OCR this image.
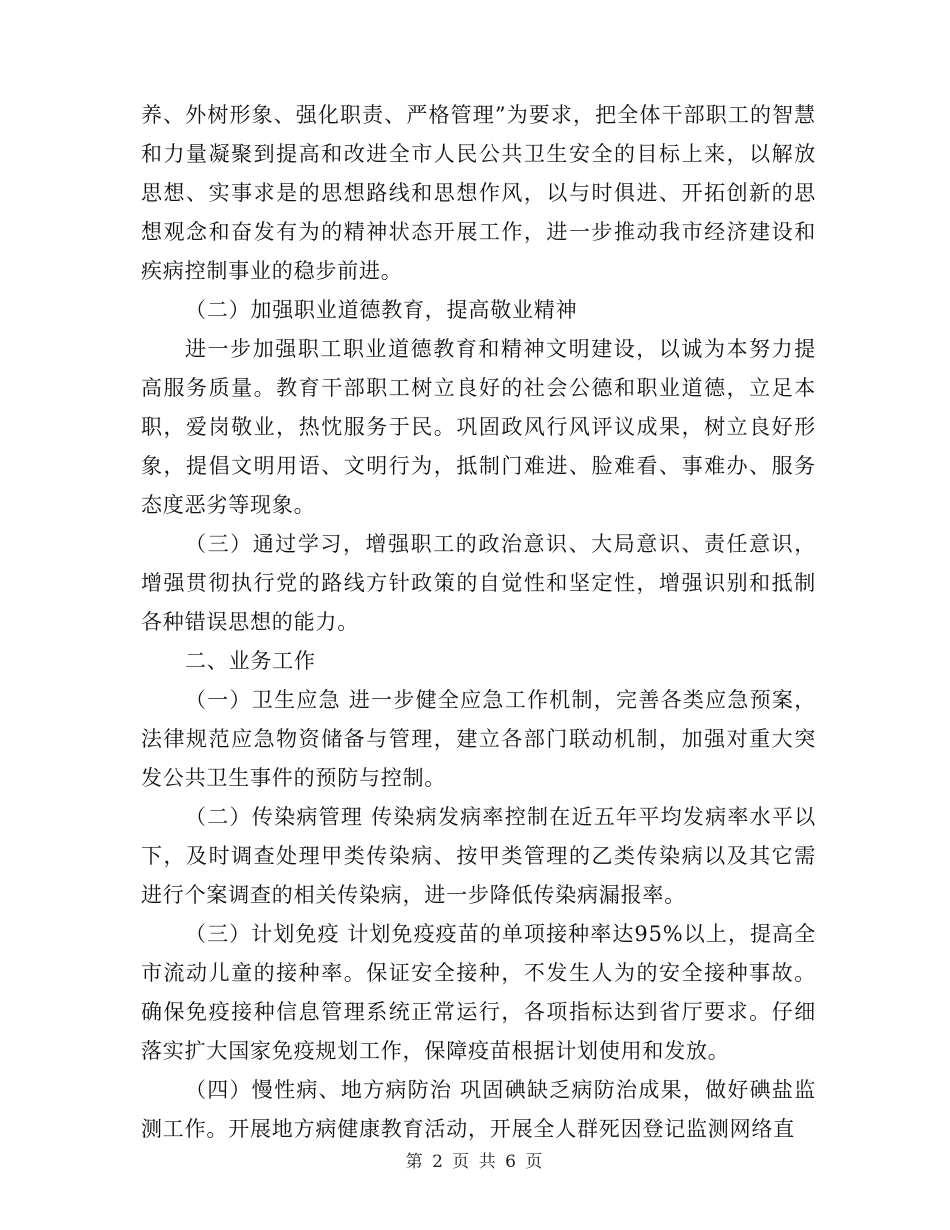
养、外树形象、强化职责、严格管理”为要求，把全体干部职工的智慧和力量凝聚到提高和改进全市人民公共卫生安全的目标上来，以解放思想、实事求是的思想路线和思想作风，以与时俱进、开拓创新的思想观念和奋发有为的精神状态开展工作，进一步推动我市经济建设和疾病控制事业的稳步前进。

（二）加强职业道德教育，提高敬业精神

进一步加强职工职业道德教育和精神文明建设，以诚为本努力提高服务质量。教育干部职工树立良好的社会公德和职业道德，立足本职，爱岗敬业，热忱服务于民。巩固政风行风评议成果，树立良好形象，提倡文明用语、文明行为，抵制门难进、脸难看、事难办、服务态度恶劣等现象。

（三）通过学习，增强职工的政治意识、大局意识、责任意识，增强贯彻执行党的路线方针政策的自觉性和坚定性，增强识别和抵制各种错误思想的能力。

二、业务工作

（一）卫生应急 进一步健全应急工作机制，完善各类应急预案，法律规范应急物资储备与管理，建立各部门联动机制，加强对重大突发公共卫生事件的预防与控制。

（二）传染病管理 传染病发病率控制在近五年平均发病率水平以下，及时调查处理甲类传染病、按甲类管理的乙类传染病以及其它需进行个案调查的相关传染病，进一步降低传染病漏报率。

（三）计划免疫 计划免疫疫苗的单项接种率达95%以上，提高全市流动儿童的接种率。保证安全接种，不发生人为的安全接种事故。确保免疫接种信息管理系统正常运行，各项指标达到省厅要求。仔细落实扩大国家免疫规划工作，保障疫苗根据计划使用和发放。

（四）慢性病、地方病防治 巩固碘缺乏病防治成果，做好碘盐监测工作。开展地方病健康教育活动，开展全人群死因登记监测网络直

第 2 页 共 6 页
